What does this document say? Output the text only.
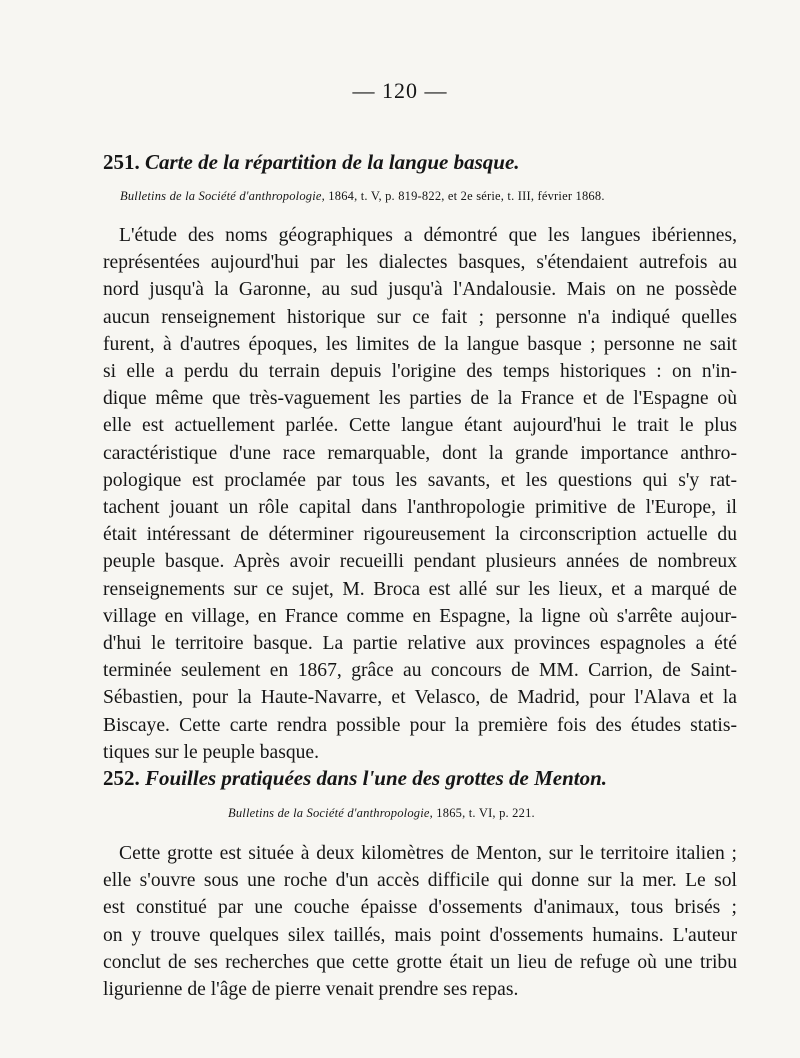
— 120 —
251. Carte de la répartition de la langue basque.
Bulletins de la Société d'anthropologie, 1864, t. V, p. 819-822, et 2e série, t. III, février 1868.
L'étude des noms géographiques a démontré que les langues ibériennes,
représentées aujourd'hui par les dialectes basques, s'étendaient autrefois au
nord jusqu'à la Garonne, au sud jusqu'à l'Andalousie. Mais on ne possède
aucun renseignement historique sur ce fait ; personne n'a indiqué quelles
furent, à d'autres époques, les limites de la langue basque ; personne ne sait
si elle a perdu du terrain depuis l'origine des temps historiques : on n'in-
dique même que très-vaguement les parties de la France et de l'Espagne où
elle est actuellement parlée. Cette langue étant aujourd'hui le trait le plus
caractéristique d'une race remarquable, dont la grande importance anthro-
pologique est proclamée par tous les savants, et les questions qui s'y rat-
tachent jouant un rôle capital dans l'anthropologie primitive de l'Europe, il
était intéressant de déterminer rigoureusement la circonscription actuelle du
peuple basque. Après avoir recueilli pendant plusieurs années de nombreux
renseignements sur ce sujet, M. Broca est allé sur les lieux, et a marqué de
village en village, en France comme en Espagne, la ligne où s'arrête aujour-
d'hui le territoire basque. La partie relative aux provinces espagnoles a été
terminée seulement en 1867, grâce au concours de MM. Carrion, de Saint-
Sébastien, pour la Haute-Navarre, et Velasco, de Madrid, pour l'Alava et la
Biscaye. Cette carte rendra possible pour la première fois des études statis-
tiques sur le peuple basque.
252. Fouilles pratiquées dans l'une des grottes de Menton.
Bulletins de la Société d'anthropologie, 1865, t. VI, p. 221.
Cette grotte est située à deux kilomètres de Menton, sur le territoire italien ;
elle s'ouvre sous une roche d'un accès difficile qui donne sur la mer. Le sol
est constitué par une couche épaisse d'ossements d'animaux, tous brisés ;
on y trouve quelques silex taillés, mais point d'ossements humains. L'auteur
conclut de ses recherches que cette grotte était un lieu de refuge où une tribu
ligurienne de l'âge de pierre venait prendre ses repas.
